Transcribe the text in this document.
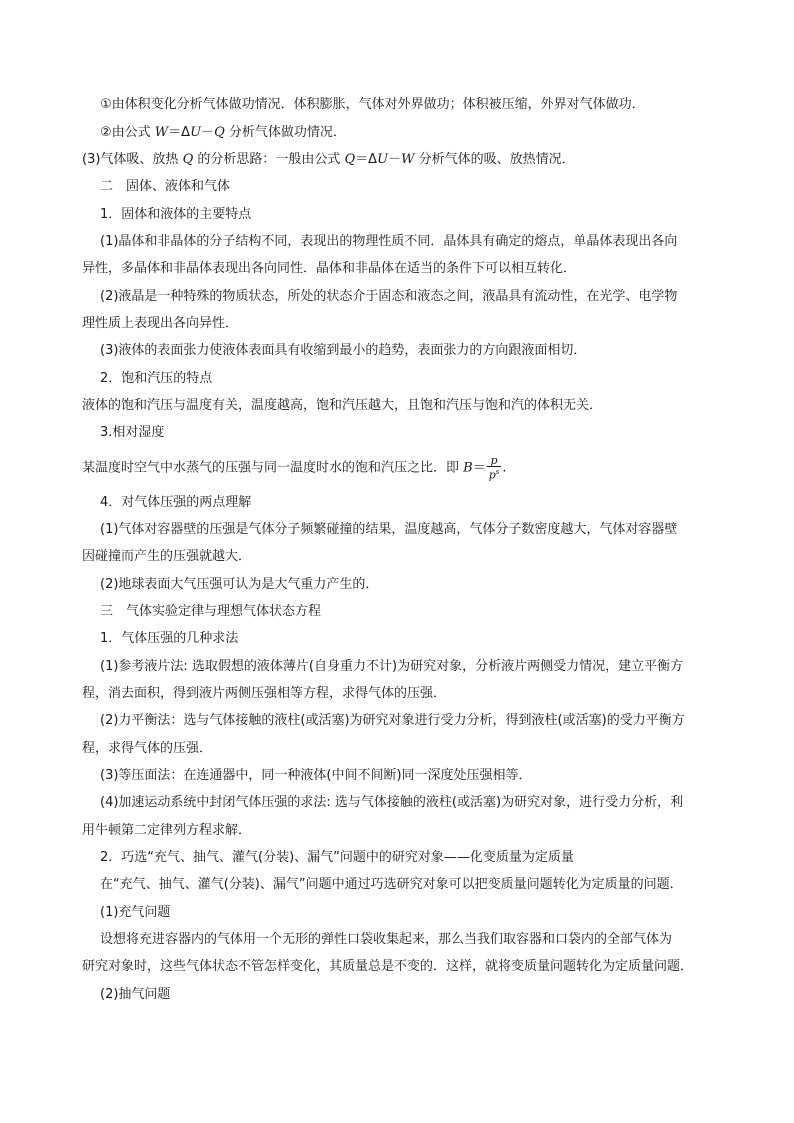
①由体积变化分析气体做功情况．体积膨胀，气体对外界做功；体积被压缩，外界对气体做功．
②由公式 W＝ΔU－Q 分析气体做功情况．
(3)气体吸、放热 Q 的分析思路：一般由公式 Q＝ΔU－W 分析气体的吸、放热情况．
二　固体、液体和气体
1．固体和液体的主要特点
(1)晶体和非晶体的分子结构不同，表现出的物理性质不同．晶体具有确定的熔点，单晶体表现出各向
异性，多晶体和非晶体表现出各向同性．晶体和非晶体在适当的条件下可以相互转化．
(2)液晶是一种特殊的物质状态，所处的状态介于固态和液态之间，液晶具有流动性，在光学、电学物
理性质上表现出各向异性．
(3)液体的表面张力使液体表面具有收缩到最小的趋势，表面张力的方向跟液面相切．
2．饱和汽压的特点
液体的饱和汽压与温度有关，温度越高，饱和汽压越大，且饱和汽压与饱和汽的体积无关．
3.相对湿度
某温度时空气中水蒸气的压强与同一温度时水的饱和汽压之比．即 $B= \frac{p}{p^s}$ .
4．对气体压强的两点理解
(1)气体对容器壁的压强是气体分子频繁碰撞的结果，温度越高，气体分子数密度越大，气体对容器壁
因碰撞而产生的压强就越大．
(2)地球表面大气压强可认为是大气重力产生的．
三　气体实验定律与理想气体状态方程
1．气体压强的几种求法
(1)参考液片法: 选取假想的液体薄片(自身重力不计)为研究对象，分析液片两侧受力情况，建立平衡方
程，消去面积，得到液片两侧压强相等方程，求得气体的压强．
(2)力平衡法：选与气体接触的液柱(或活塞)为研究对象进行受力分析，得到液柱(或活塞)的受力平衡方
程，求得气体的压强．
(3)等压面法：在连通器中，同一种液体(中间不间断)同一深度处压强相等．
(4)加速运动系统中封闭气体压强的求法: 选与气体接触的液柱(或活塞)为研究对象，进行受力分析，利
用牛顿第二定律列方程求解．
2．巧选“充气、抽气、灌气(分装)、漏气”问题中的研究对象——化变质量为定质量
在“充气、抽气、灌气(分装)、漏气”问题中通过巧选研究对象可以把变质量问题转化为定质量的问题．
(1)充气问题
设想将充进容器内的气体用一个无形的弹性口袋收集起来，那么当我们取容器和口袋内的全部气体为
研究对象时，这些气体状态不管怎样变化，其质量总是不变的．这样，就将变质量问题转化为定质量问题．
(2)抽气问题
